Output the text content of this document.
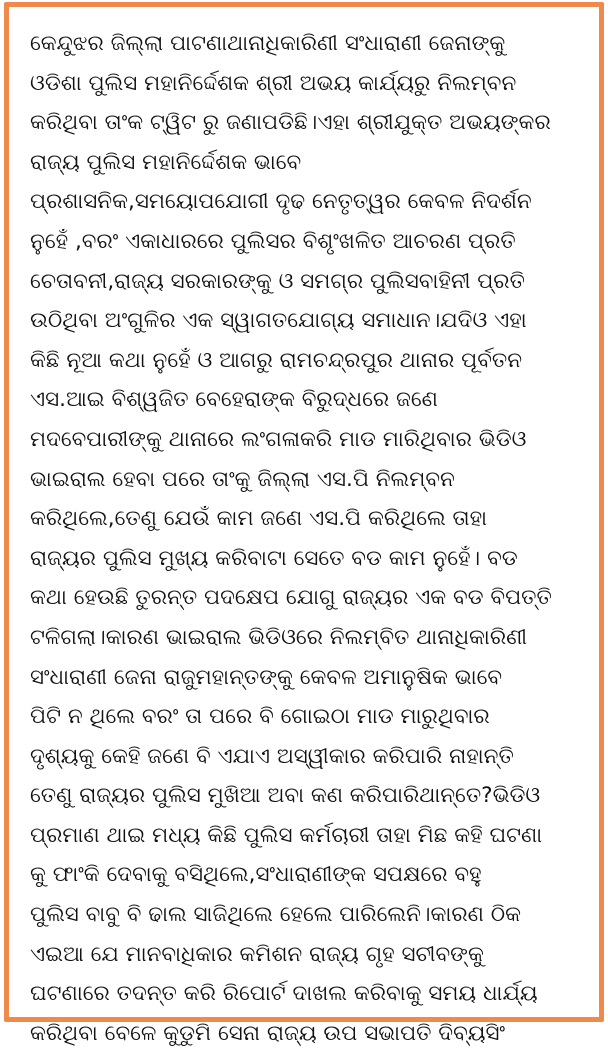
କେନ୍ଦୁଝର ଜିଲ୍ଲା ପାଟଣାଥାନାଧିକାରିଣୀ ସଂଧାରାଣୀ ଜେନାଙ୍କୁ
ଓଡିଶା ପୁଲିସ ମହାନିର୍ଦ୍ଦେଶକ ଶ୍ରୀ ଅଭୟ କାର୍ଯ୍ୟରୁ ନିଲମ୍ବନ
କରିଥିବା ତାଂକ ଟ୍ୱିଟ ରୁ ଜଣାପଡିଛି।ଏହା ଶ୍ରୀଯୁକ୍ତ ଅଭୟଙ୍କର
ରାଜ୍ୟ ପୁଲିସ ମହାନିର୍ଦ୍ଦେଶକ ଭାବେ
ପ୍ରଶାସନିକ,ସମୟୋପଯୋଗୀ ଦୃଢ ନେତୃତ୍ୱର କେବଳ ନିଦର୍ଶନ
ନୁହେଁ ,ବରଂ ଏକାଧାରରେ ପୁଲିସର ବିଶୃଂଖଳିତ ଆଚରଣ ପ୍ରତି
ଚେତାବନୀ,ରାଜ୍ୟ ସରକାରଙ୍କୁ ଓ ସମଗ୍ର ପୁଲିସବାହିନୀ ପ୍ରତି
ଉଠିଥିବା ଅଂଗୁଳିର ଏକ ସ୍ୱାଗତଯୋଗ୍ୟ ସମାଧାନ।ଯଦିଓ ଏହା
କିଛି ନୂଆ କଥା ନୁହେଁ ଓ ଆଗରୁ ରାମଚନ୍ଦ୍ରପୁର ଥାନାର ପୂର୍ବତନ
ଏସ.ଆଇ ବିଶ୍ୱଜିତ ବେହେରାଙ୍କ ବିରୁଦ୍ଧରେ ଜଣେ
ମଦବେପାରୀଙ୍କୁ ଥାନାରେ ଲଂଗଳାକରି ମାଡ ମାରିଥିବାର ଭିଡିଓ
ଭାଇରାଲ ହେବା ପରେ ତାଂକୁ ଜିଲ୍ଲା ଏସ.ପି ନିଲମ୍ବନ
କରିଥିଲେ,ତେଣୁ ଯେଉଁ କାମ ଜଣେ ଏସ.ପି କରିଥିଲେ ତାହା
ରାଜ୍ୟର ପୁଲିସ ମୁଖ୍ୟ କରିବାଟା ସେତେ ବଡ କାମ ନୁହେଁ। ବଡ
କଥା ହେଉଛି ତୁରନ୍ତ ପଦକ୍ଷେପ ଯୋଗୁ ରାଜ୍ୟର ଏକ ବଡ ବିପତ୍ତି
ଟଳିଗଲା।କାରଣ ଭାଇରାଲ ଭିଡିଓରେ ନିଲମ୍ବିତ ଥାନାଧିକାରିଣୀ
ସଂଧାରାଣୀ ଜେନା ରାଜୁମହାନ୍ତଙ୍କୁ କେବଳ ଅମାନୁଷିକ ଭାବେ
ପିଟି ନ ଥିଲେ ବରଂ ତା ପରେ ବି ଗୋଇଠା ମାଡ ମାରୁଥିବାର
ଦୃଶ୍ୟକୁ କେହି ଜଣେ ବି ଏଯାଏ ଅସ୍ୱୀକାର କରିପାରି ନାହାନ୍ତି
ତେଣୁ ରାଜ୍ୟର ପୁଲିସ ମୁଖିଆ ଅବା କଣ କରିପାରିଥାନ୍ତେ?ଭିଡିଓ
ପ୍ରମାଣ ଥାଇ ମଧ୍ୟ କିଛି ପୁଲିସ କର୍ମଚାରୀ ତାହା ମିଛ କହି ଘଟଣା
କୁ ଫାଂକି ଦେବାକୁ ବସିଥିଲେ,ସଂଧାରାଣୀଙ୍କ ସପକ୍ଷରେ ବହୁ
ପୁଲିସ ବାବୁ ବି ଢାଲ ସାଜିଥିଲେ ହେଲେ ପାରିଲେନି।କାରଣ ଠିକ
ଏଇଆ ଯେ ମାନବାଧିକାର କମିଶନ ରାଜ୍ୟ ଗୃହ ସଚୀବଙ୍କୁ
ଘଟଣାରେ ତଦନ୍ତ କରି ରିପୋର୍ଟ ଦାଖଲ କରିବାକୁ ସମୟ ଧାର୍ଯ୍ୟ
କରିଥିବା ବେଳେ କୁଡୁମି ସେନା ରାଜ୍ୟ ଉପ ସଭାପତି ଦିବ୍ୟସିଂ
